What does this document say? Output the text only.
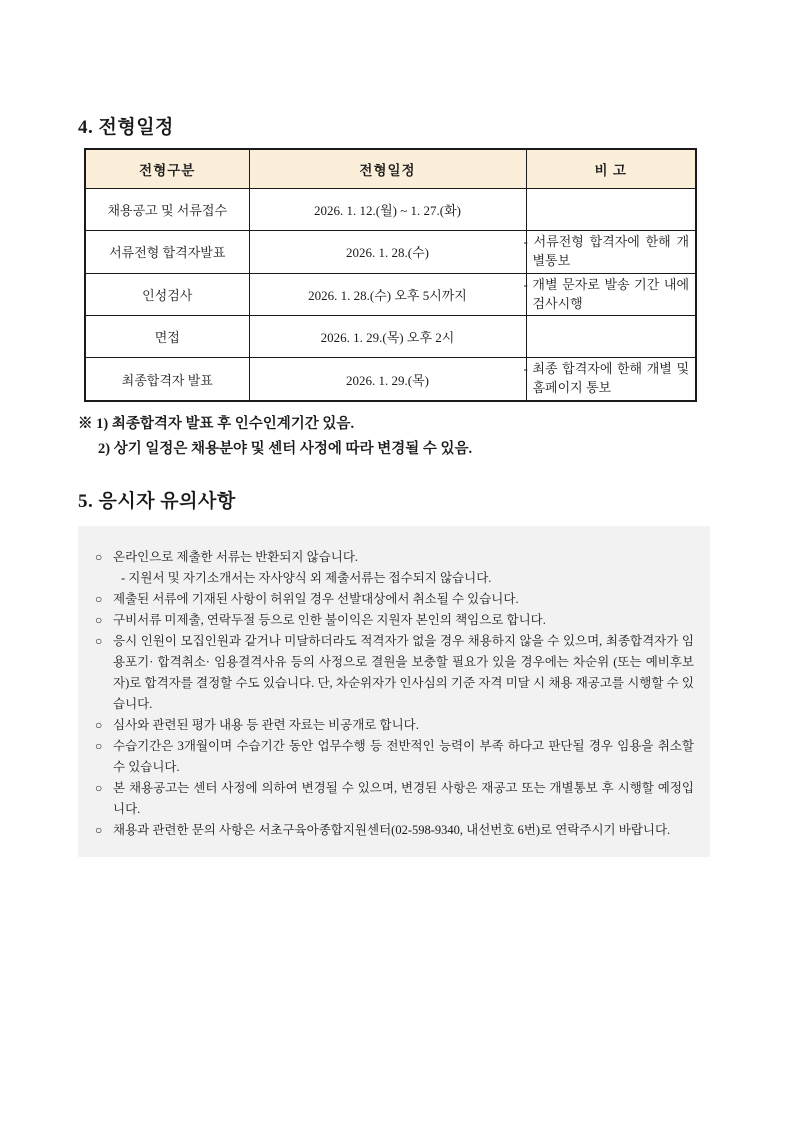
4. 전형일정
전형구분	전형일정	비 고
채용공고 및 서류접수	2026. 1. 12.(월) ~ 1. 27.(화)	
서류전형 합격자발표	2026. 1. 28.(수)	- 서류전형 합격자에 한해 개별통보
인성검사	2026. 1. 28.(수) 오후 5시까지	- 개별 문자로 발송 기간 내에 검사시행
면접	2026. 1. 29.(목) 오후 2시	
최종합격자 발표	2026. 1. 29.(목)	- 최종 합격자에 한해 개별 및 홈페이지 통보
※ 1) 최종합격자 발표 후 인수인계기간 있음.
2) 상기 일정은 채용분야 및 센터 사정에 따라 변경될 수 있음.
5. 응시자 유의사항
○ 온라인으로 제출한 서류는 반환되지 않습니다.
- 지원서 및 자기소개서는 자사양식 외 제출서류는 접수되지 않습니다.
○ 제출된 서류에 기재된 사항이 허위일 경우 선발대상에서 취소될 수 있습니다.
○ 구비서류 미제출, 연락두절 등으로 인한 불이익은 지원자 본인의 책임으로 합니다.
○ 응시 인원이 모집인원과 같거나 미달하더라도 적격자가 없을 경우 채용하지 않을 수 있으며, 최종합격자가 임용포기· 합격취소· 임용결격사유 등의 사정으로 결원을 보충할 필요가 있을 경우에는 차순위 (또는 예비후보자)로 합격자를 결정할 수도 있습니다. 단, 차순위자가 인사심의 기준 자격 미달 시 채용 재공고를 시행할 수 있습니다.
○ 심사와 관련된 평가 내용 등 관련 자료는 비공개로 합니다.
○ 수습기간은 3개월이며 수습기간 동안 업무수행 등 전반적인 능력이 부족 하다고 판단될 경우 임용을 취소할 수 있습니다.
○ 본 채용공고는 센터 사정에 의하여 변경될 수 있으며, 변경된 사항은 재공고 또는 개별통보 후 시행할 예정입니다.
○ 채용과 관련한 문의 사항은 서초구육아종합지원센터(02-598-9340, 내선번호 6번)로 연락주시기 바랍니다.
